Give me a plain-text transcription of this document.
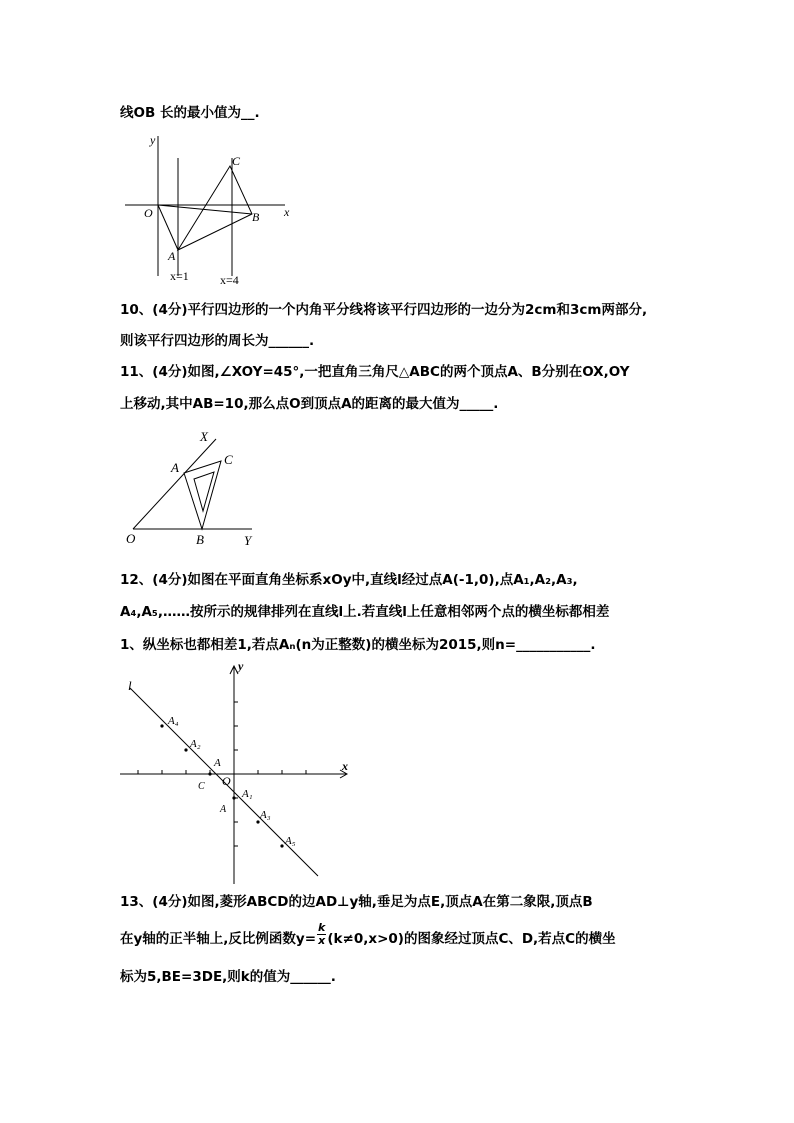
线OB 长的最小值为__.
y
x
O
A
B
C
x=1	x=4
10、(4分)平行四边形的一个内角平分线将该平行四边形的一边分为2cm和3cm两部分,
则该平行四边形的周长为______.
11、(4分)如图,∠XOY=45°,一把直角三角尺△ABC的两个顶点A、B分别在OX,OY
上移动,其中AB=10,那么点O到顶点A的距离的最大值为_____.
X
Y
O
A
B
C
12、(4分)如图在平面直角坐标系xOy中,直线l经过点A(-1,0),点A₁,A₂,A₃,
A₄,A₅,……按所示的规律排列在直线l上.若直线l上任意相邻两个点的横坐标都相差
1、纵坐标也都相差1,若点Aₙ(n为正整数)的横坐标为2015,则n=___________.
l
y
x
O
A
C
A
A₄
A₂
A₁
A₃
A₅
13、(4分)如图,菱形ABCD的边AD⊥y轴,垂足为点E,顶点A在第二象限,顶点B
在y轴的正半轴上,反比例函数$y= \frac{k}{x} (k\ne 0,x>0)$的图象经过顶点C、D,若点C的横坐
标为5,BE=3DE,则k的值为______.
